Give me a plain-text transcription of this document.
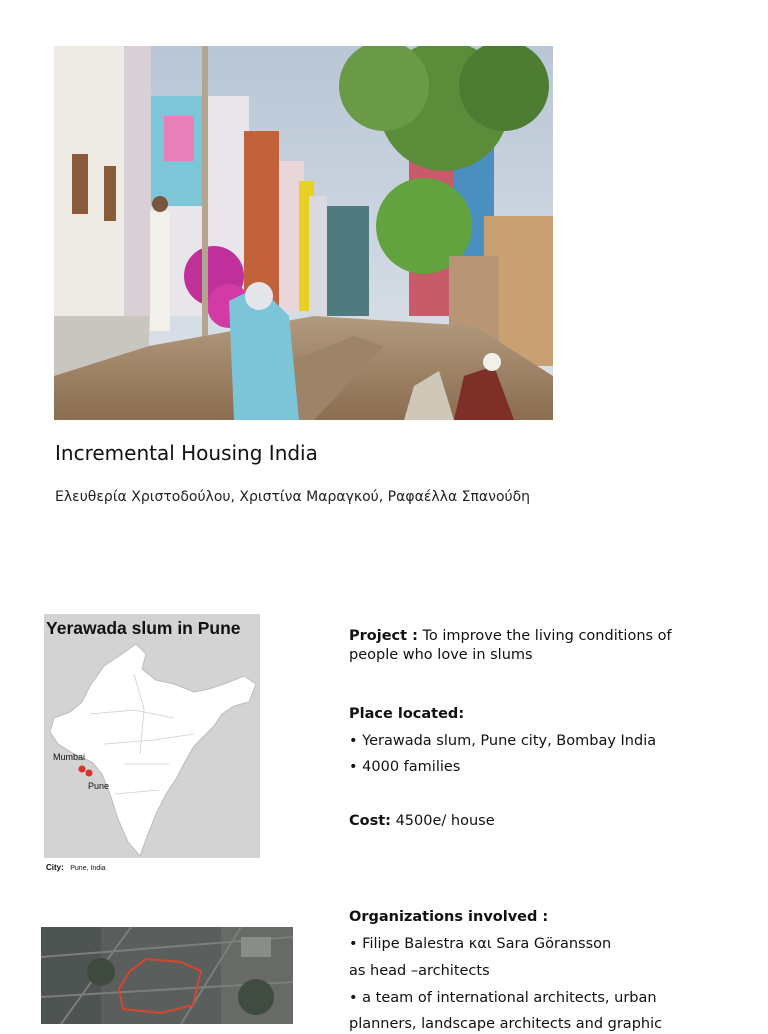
Incremental Housing India
Ελευθερία Χριστοδούλου, Χριστίνα Μαραγκού, Ραφαέλλα Σπανούδη
Yerawada slum in Pune
Mumbai
Pune
City: Pune, India
Project : To improve the living conditions of
people who love in slums
Place located:
• Yerawada slum, Pune city, Bombay India
• 4000 families
Cost: 4500e/ house
Organizations involved :
• Filipe Balestra και Sara Göransson
as head –architects
• a team of international architects, urban
planners, landscape architects and graphic
